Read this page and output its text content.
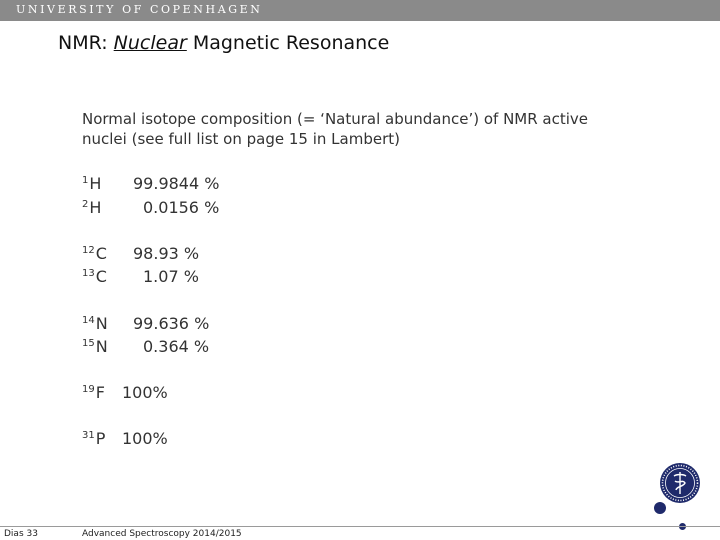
UNIVERSITY OF COPENHAGEN
NMR: Nuclear Magnetic Resonance
Normal isotope composition (= ‘Natural abundance’) of NMR active nuclei (see full list on page 15 in Lambert)
$^1$H 99.9844 %
$^2$H	0.0156 %
$^{12}$C 98.93 %
$^{13}$C 1.07 %
$^{14}$N 99.636 %
$^{15}$N 0.364 %
$^{19}$F 100%
$^{31}$P 100%
Dias 33	Advanced Spectroscopy 2014/2015
